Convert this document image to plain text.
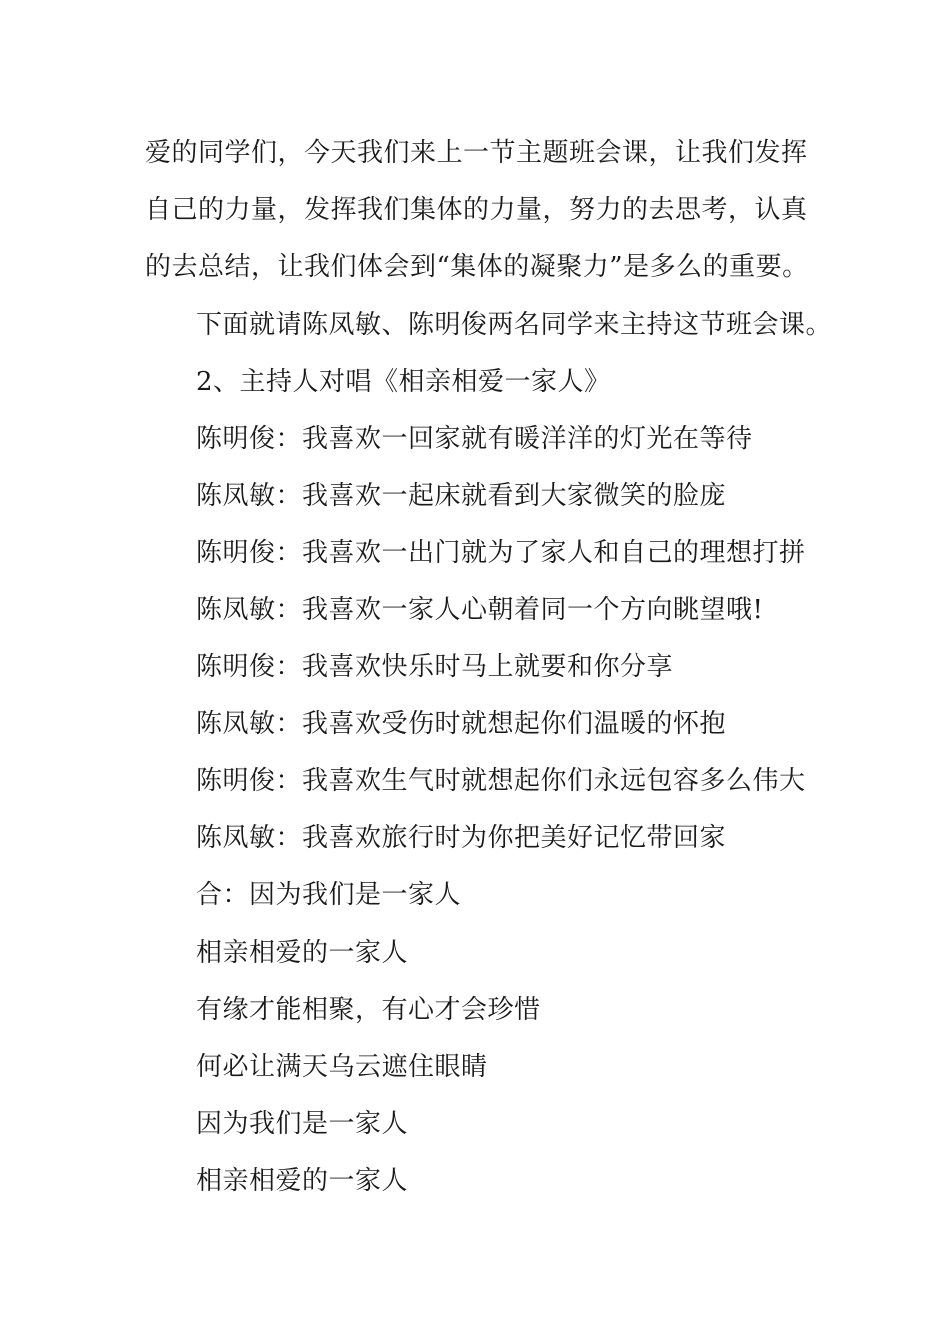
爱的同学们，今天我们来上一节主题班会课，让我们发挥
自己的力量，发挥我们集体的力量，努力的去思考，认真
的去总结，让我们体会到“集体的凝聚力”是多么的重要。
下面就请陈凤敏、陈明俊两名同学来主持这节班会课。
2、主持人对唱《相亲相爱一家人》
陈明俊：我喜欢一回家就有暖洋洋的灯光在等待
陈凤敏：我喜欢一起床就看到大家微笑的脸庞
陈明俊：我喜欢一出门就为了家人和自己的理想打拼
陈凤敏：我喜欢一家人心朝着同一个方向眺望哦!
陈明俊：我喜欢快乐时马上就要和你分享
陈凤敏：我喜欢受伤时就想起你们温暖的怀抱
陈明俊：我喜欢生气时就想起你们永远包容多么伟大
陈凤敏：我喜欢旅行时为你把美好记忆带回家
合：因为我们是一家人
相亲相爱的一家人
有缘才能相聚，有心才会珍惜
何必让满天乌云遮住眼睛
因为我们是一家人
相亲相爱的一家人
